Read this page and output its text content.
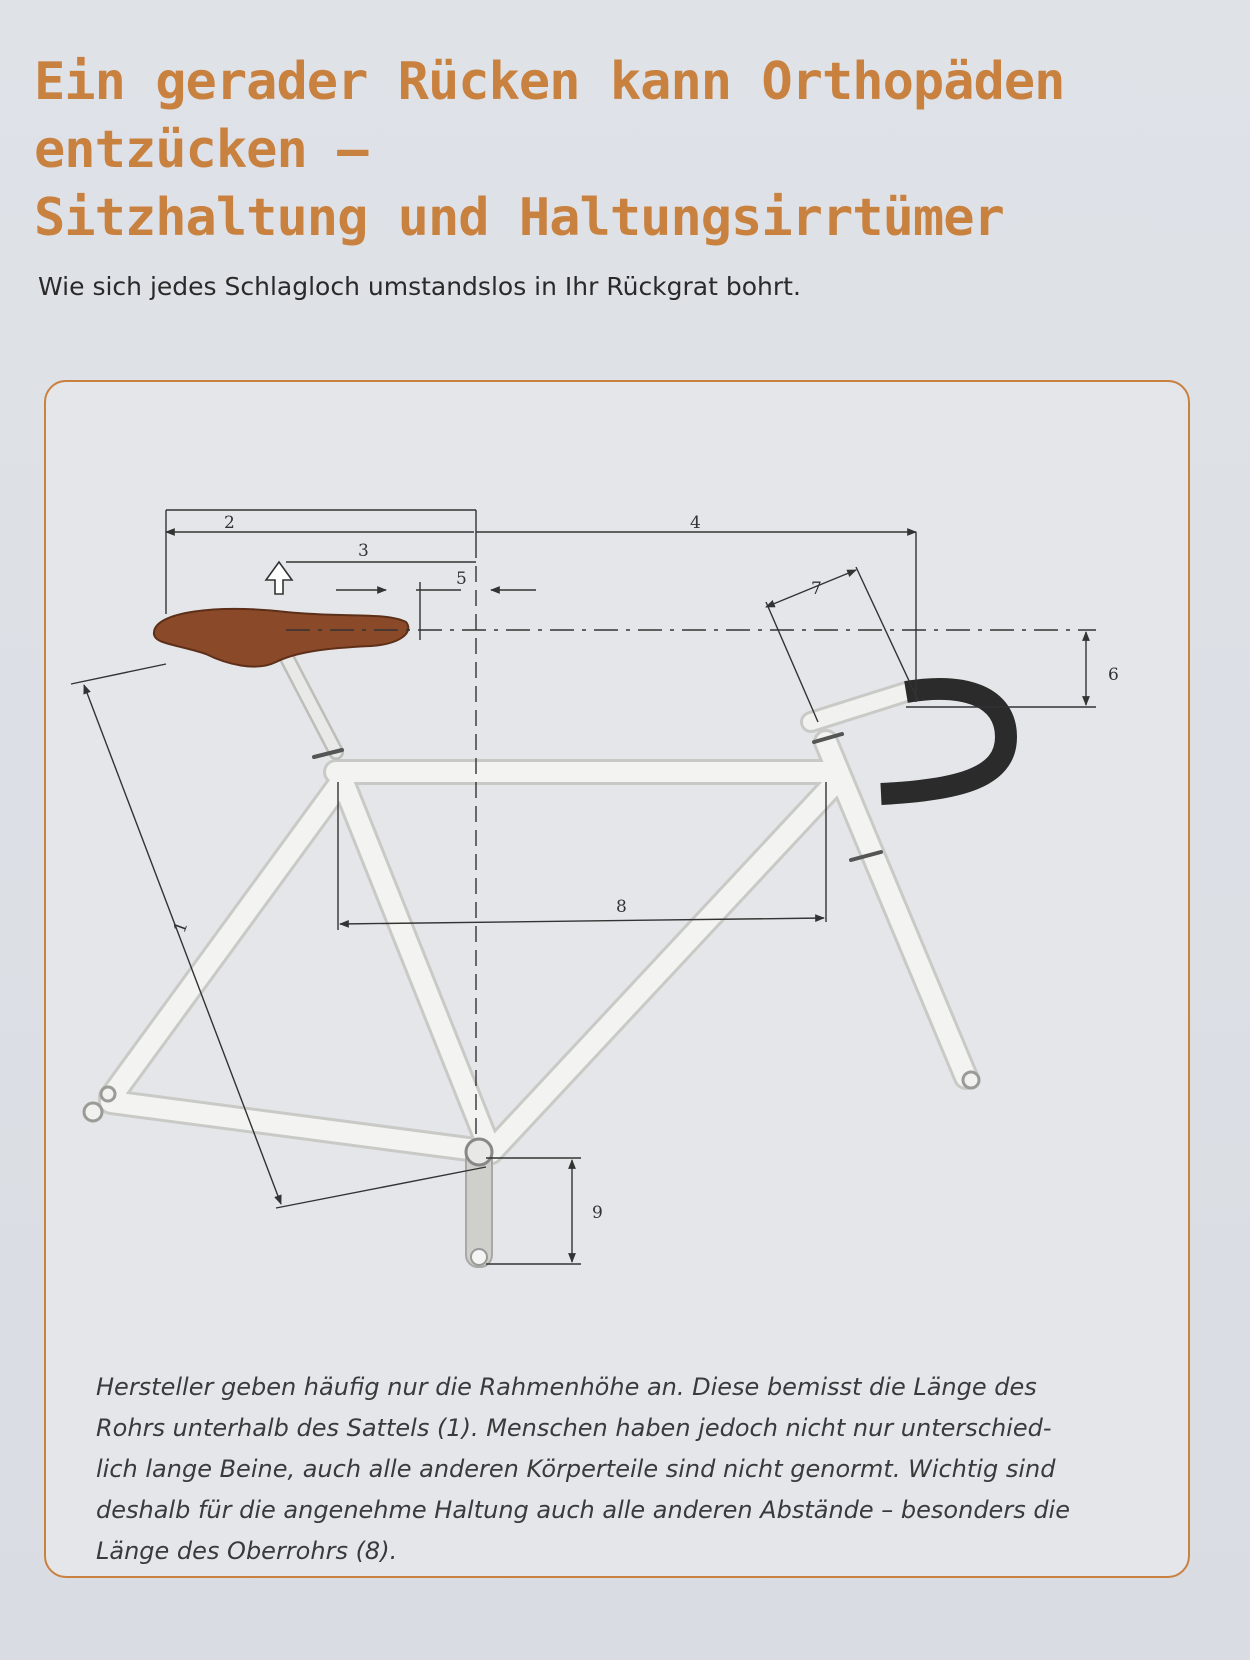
Ein gerader Rücken kann Orthopäden entzücken –
Sitzhaltung und Haltungsirrtümer

Wie sich jedes Schlagloch umstandslos in Ihr Rückgrat bohrt.

2
3
4
5
6
7
8
9
1
Hersteller geben häufig nur die Rahmenhöhe an. Diese bemisst die Länge des
Rohrs unterhalb des Sattels (1). Menschen haben jedoch nicht nur unterschied-
lich lange Beine, auch alle anderen Körperteile sind nicht genormt. Wichtig sind
deshalb für die angenehme Haltung auch alle anderen Abstände – besonders die
Länge des Oberrohrs (8).
